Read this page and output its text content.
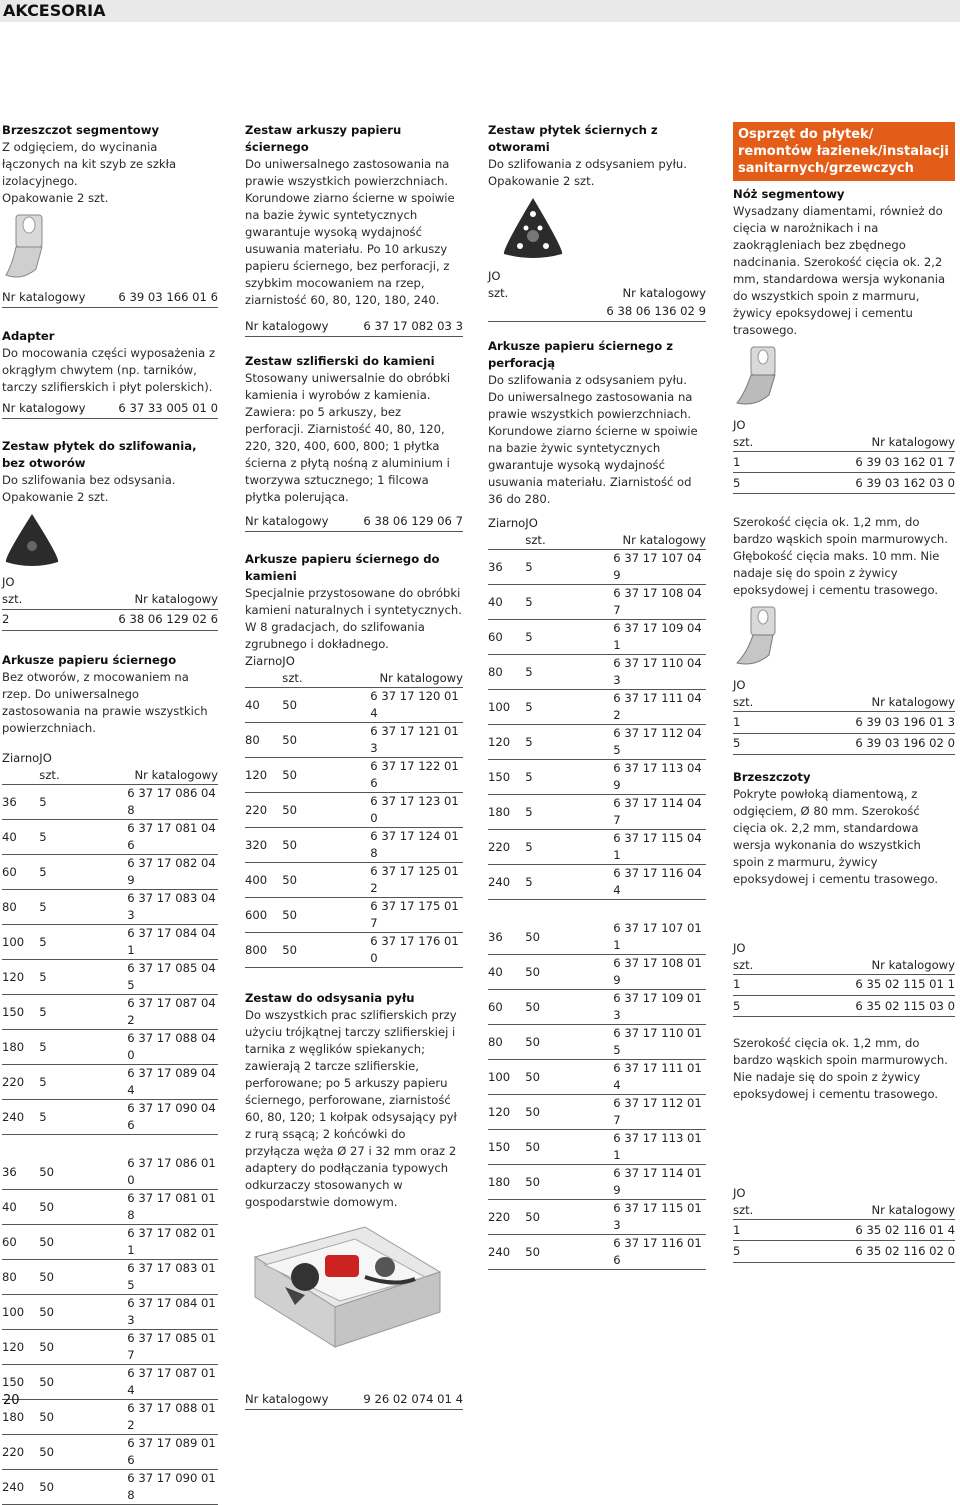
AKCESORIA
Brzeszczot segmentowy
Z odgięciem, do wycinania łączonych na kit szyb ze szkła izolacyjnego.
Opakowanie 2 szt.
Nr katalogowy	6 39 03 166 01 6
Adapter
Do mocowania części wyposażenia z okrągłym chwytem (np. tarników, tarczy szlifierskich i płyt polerskich).
Nr katalogowy	6 37 33 005 01 0
Zestaw płytek do szlifowania, bez otworów
Do szlifowania bez odsysania.
Opakowanie 2 szt.
JO
szt.	Nr katalogowy
2	6 38 06 129 02 6
Arkusze papieru ściernego
Bez otworów, z mocowaniem na rzep. Do uniwersalnego zastosowania na prawie wszystkich powierzchniach.
Ziarno	JO	
	szt.	Nr katalogowy
36	5	6 37 17 086 04 8
40	5	6 37 17 081 04 6
60	5	6 37 17 082 04 9
80	5	6 37 17 083 04 3
100	5	6 37 17 084 04 1
120	5	6 37 17 085 04 5
150	5	6 37 17 087 04 2
180	5	6 37 17 088 04 0
220	5	6 37 17 089 04 4
240	5	6 37 17 090 04 6

36	50	6 37 17 086 01 0
40	50	6 37 17 081 01 8
60	50	6 37 17 082 01 1
80	50	6 37 17 083 01 5
100	50	6 37 17 084 01 3
120	50	6 37 17 085 01 7
150	50	6 37 17 087 01 4
180	50	6 37 17 088 01 2
220	50	6 37 17 089 01 6
240	50	6 37 17 090 01 8
Zestaw arkuszy papieru ściernego
Do uniwersalnego zastosowania na prawie wszystkich powierzchniach. Korundowe ziarno ścierne w spoiwie na bazie żywic syntetycznych gwarantuje wysoką wydajność usuwania materiału. Po 10 arkuszy papieru ściernego, bez perforacji, z szybkim mocowaniem na rzep, ziarnistość 60, 80, 120, 180, 240.
Nr katalogowy	6 37 17 082 03 3
Zestaw szlifierski do kamieni
Stosowany uniwersalnie do obróbki kamienia i wyrobów z kamienia. Zawiera: po 5 arkuszy, bez perforacji. Ziarnistość 40, 80, 120, 220, 320, 400, 600, 800; 1 płytka ścierna z płytą nośną z aluminium i tworzywa sztucznego; 1 filcowa płytka polerująca.
Nr katalogowy	6 38 06 129 06 7
Arkusze papieru ściernego do kamieni
Specjalnie przystosowane do obróbki kamieni naturalnych i syntetycznych. W 8 gradacjach, do szlifowania zgrubnego i dokładnego.
Ziarno	JO	
	szt.	Nr katalogowy
40	50	6 37 17 120 01 4
80	50	6 37 17 121 01 3
120	50	6 37 17 122 01 6
220	50	6 37 17 123 01 0
320	50	6 37 17 124 01 8
400	50	6 37 17 125 01 2
600	50	6 37 17 175 01 7
800	50	6 37 17 176 01 0
Zestaw do odsysania pyłu
Do wszystkich prac szlifierskich przy użyciu trójkątnej tarczy szlifierskiej i tarnika z węglików spiekanych; zawierają 2 tarcze szlifierskie, perforowane; po 5 arkuszy papieru ściernego, perforowane, ziarnistość 60, 80, 120; 1 kołpak odsysający pył z rurą ssącą; 2 końcówki do przyłącza węża Ø 27 i 32 mm oraz 2 adaptery do podłączania typowych odkurzaczy stosowanych w gospodarstwie domowym.
Nr katalogowy	9 26 02 074 01 4
Zestaw płytek ściernych z otworami
Do szlifowania z odsysaniem pyłu.
Opakowanie 2 szt.
JO
szt.	Nr katalogowy
6 38 06 136 02 9
Arkusze papieru ściernego z perforacją
Do szlifowania z odsysaniem pyłu. Do uniwersalnego zastosowania na prawie wszystkich powierzchniach. Korundowe ziarno ścierne w spoiwie na bazie żywic syntetycznych gwarantuje wysoką wydajność usuwania materiału. Ziarnistość od 36 do 280.
Ziarno	JO	
	szt.	Nr katalogowy
36	5	6 37 17 107 04 9
40	5	6 37 17 108 04 7
60	5	6 37 17 109 04 1
80	5	6 37 17 110 04 3
100	5	6 37 17 111 04 2
120	5	6 37 17 112 04 5
150	5	6 37 17 113 04 9
180	5	6 37 17 114 04 7
220	5	6 37 17 115 04 1
240	5	6 37 17 116 04 4

36	50	6 37 17 107 01 1
40	50	6 37 17 108 01 9
60	50	6 37 17 109 01 3
80	50	6 37 17 110 01 5
100	50	6 37 17 111 01 4
120	50	6 37 17 112 01 7
150	50	6 37 17 113 01 1
180	50	6 37 17 114 01 9
220	50	6 37 17 115 01 3
240	50	6 37 17 116 01 6
Osprzęt do płytek/ remontów łazienek/instalacji sanitarnych/grzewczych
Nóż segmentowy
Wysadzany diamentami, również do cięcia w narożnikach i na zaokrągleniach bez zbędnego nadcinania. Szerokość cięcia ok. 2,2 mm, standardowa wersja wykonania do wszystkich spoin z marmuru, żywicy epoksydowej i cementu trasowego.
JO	
szt.	Nr katalogowy
1	6 39 03 162 01 7
5	6 39 03 162 03 0
Szerokość cięcia ok. 1,2 mm, do bardzo wąskich spoin marmurowych. Głębokość cięcia maks. 10 mm. Nie nadaje się do spoin z żywicy epoksydowej i cementu trasowego.
JO	
szt.	Nr katalogowy
1	6 39 03 196 01 3
5	6 39 03 196 02 0
Brzeszczoty
Pokryte powłoką diamentową, z odgięciem, Ø 80 mm. Szerokość cięcia ok. 2,2 mm, standardowa wersja wykonania do wszystkich spoin z marmuru, żywicy epoksydowej i cementu trasowego.
JO	
szt.	Nr katalogowy
1	6 35 02 115 01 1
5	6 35 02 115 03 0
Szerokość cięcia ok. 1,2 mm, do bardzo wąskich spoin marmurowych. Nie nadaje się do spoin z żywicy epoksydowej i cementu trasowego.
JO	
szt.	Nr katalogowy
1	6 35 02 116 01 4
5	6 35 02 116 02 0
20
